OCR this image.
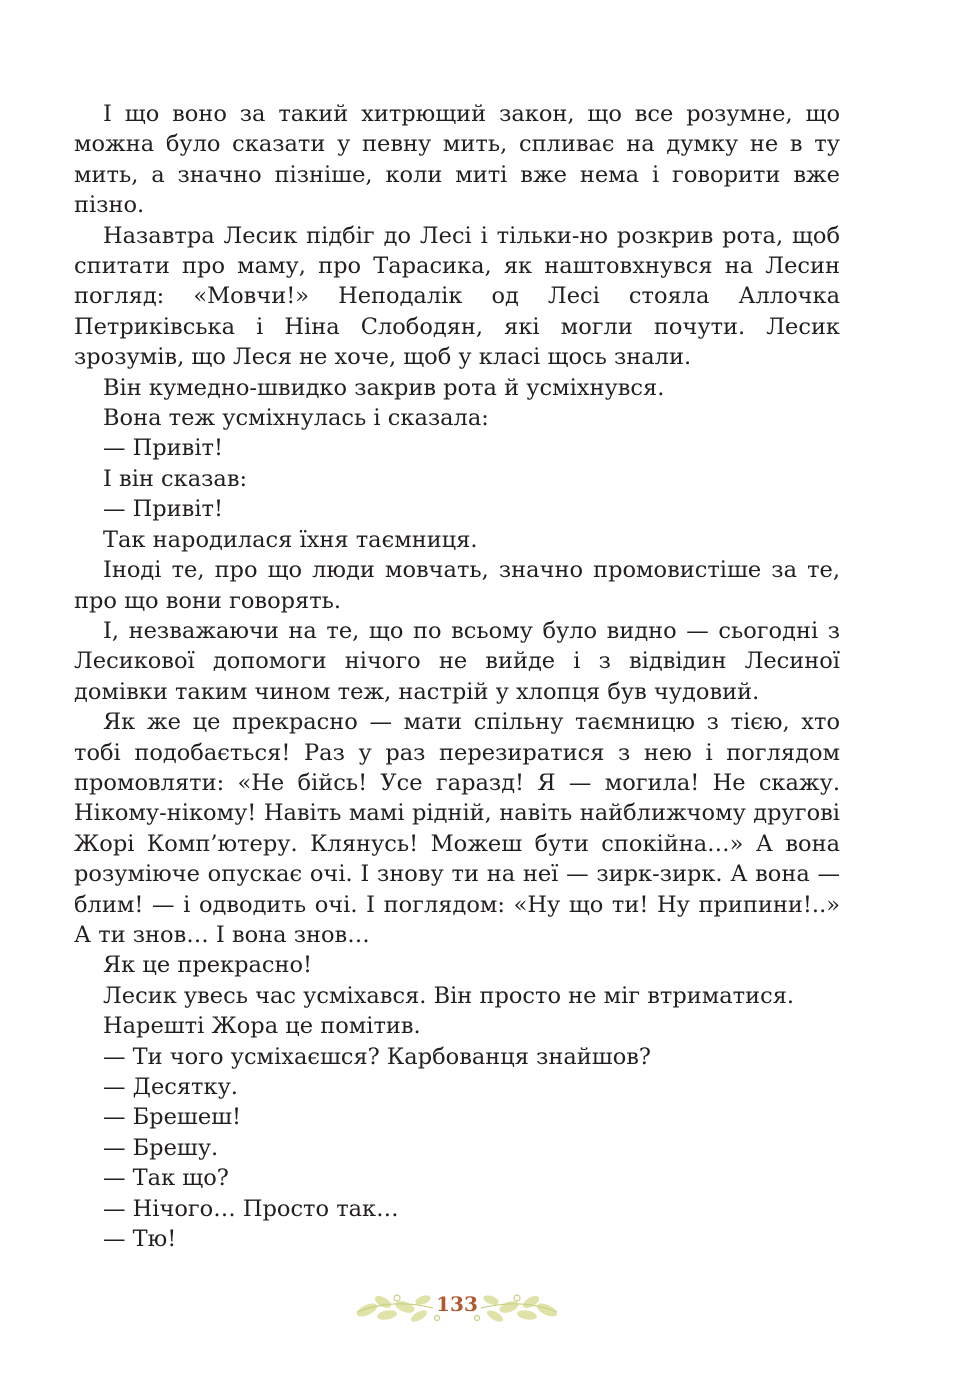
І що воно за такий хитрющий закон, що все розумне, що можна було сказати у певну мить, спливає на думку не в ту мить, а значно пізніше, коли миті вже нема і говорити вже пізно.

Назавтра Лесик підбіг до Лесі і тільки-но розкрив рота, щоб спитати про маму, про Тарасика, як наштовхнувся на Лесин погляд: «Мовчи!» Неподалік од Лесі стояла Аллочка Петриківська і Ніна Слободян, які могли почути. Лесик зрозумів, що Леся не хоче, щоб у класі щось знали.

Він кумедно-швидко закрив рота й усміхнувся.

Вона теж усміхнулась і сказала:

— Привіт!

І він сказав:

— Привіт!

Так народилася їхня таємниця.

Іноді те, про що люди мовчать, значно промовистіше за те, про що вони говорять.

І, незважаючи на те, що по всьому було видно — сьогодні з Лесикової допомоги нічого не вийде і з відвідин Лесиної домівки таким чином теж, настрій у хлопця був чудовий.

Як же це прекрасно — мати спільну таємницю з тією, хто тобі подобається! Раз у раз перезиратися з нею і поглядом промовляти: «Не бійсь! Усе гаразд! Я — могила! Не скажу. Нікому-нікому! Навіть мамі рідній, навіть найближчому другові Жорі Комп’ютеру. Клянусь! Можеш бути спокійна…» А вона розуміюче опускає очі. І знову ти на неї — зирк-зирк. А вона — блим! — і одводить очі. І поглядом: «Ну що ти! Ну припини!..» А ти знов… І вона знов…

Як це прекрасно!

Лесик увесь час усміхався. Він просто не міг втриматися.

Нарешті Жора це помітив.

— Ти чого усміхаєшся? Карбованця знайшов?

— Десятку.

— Брешеш!

— Брешу.

— Так що?

— Нічого… Просто так…

— Тю!

133
